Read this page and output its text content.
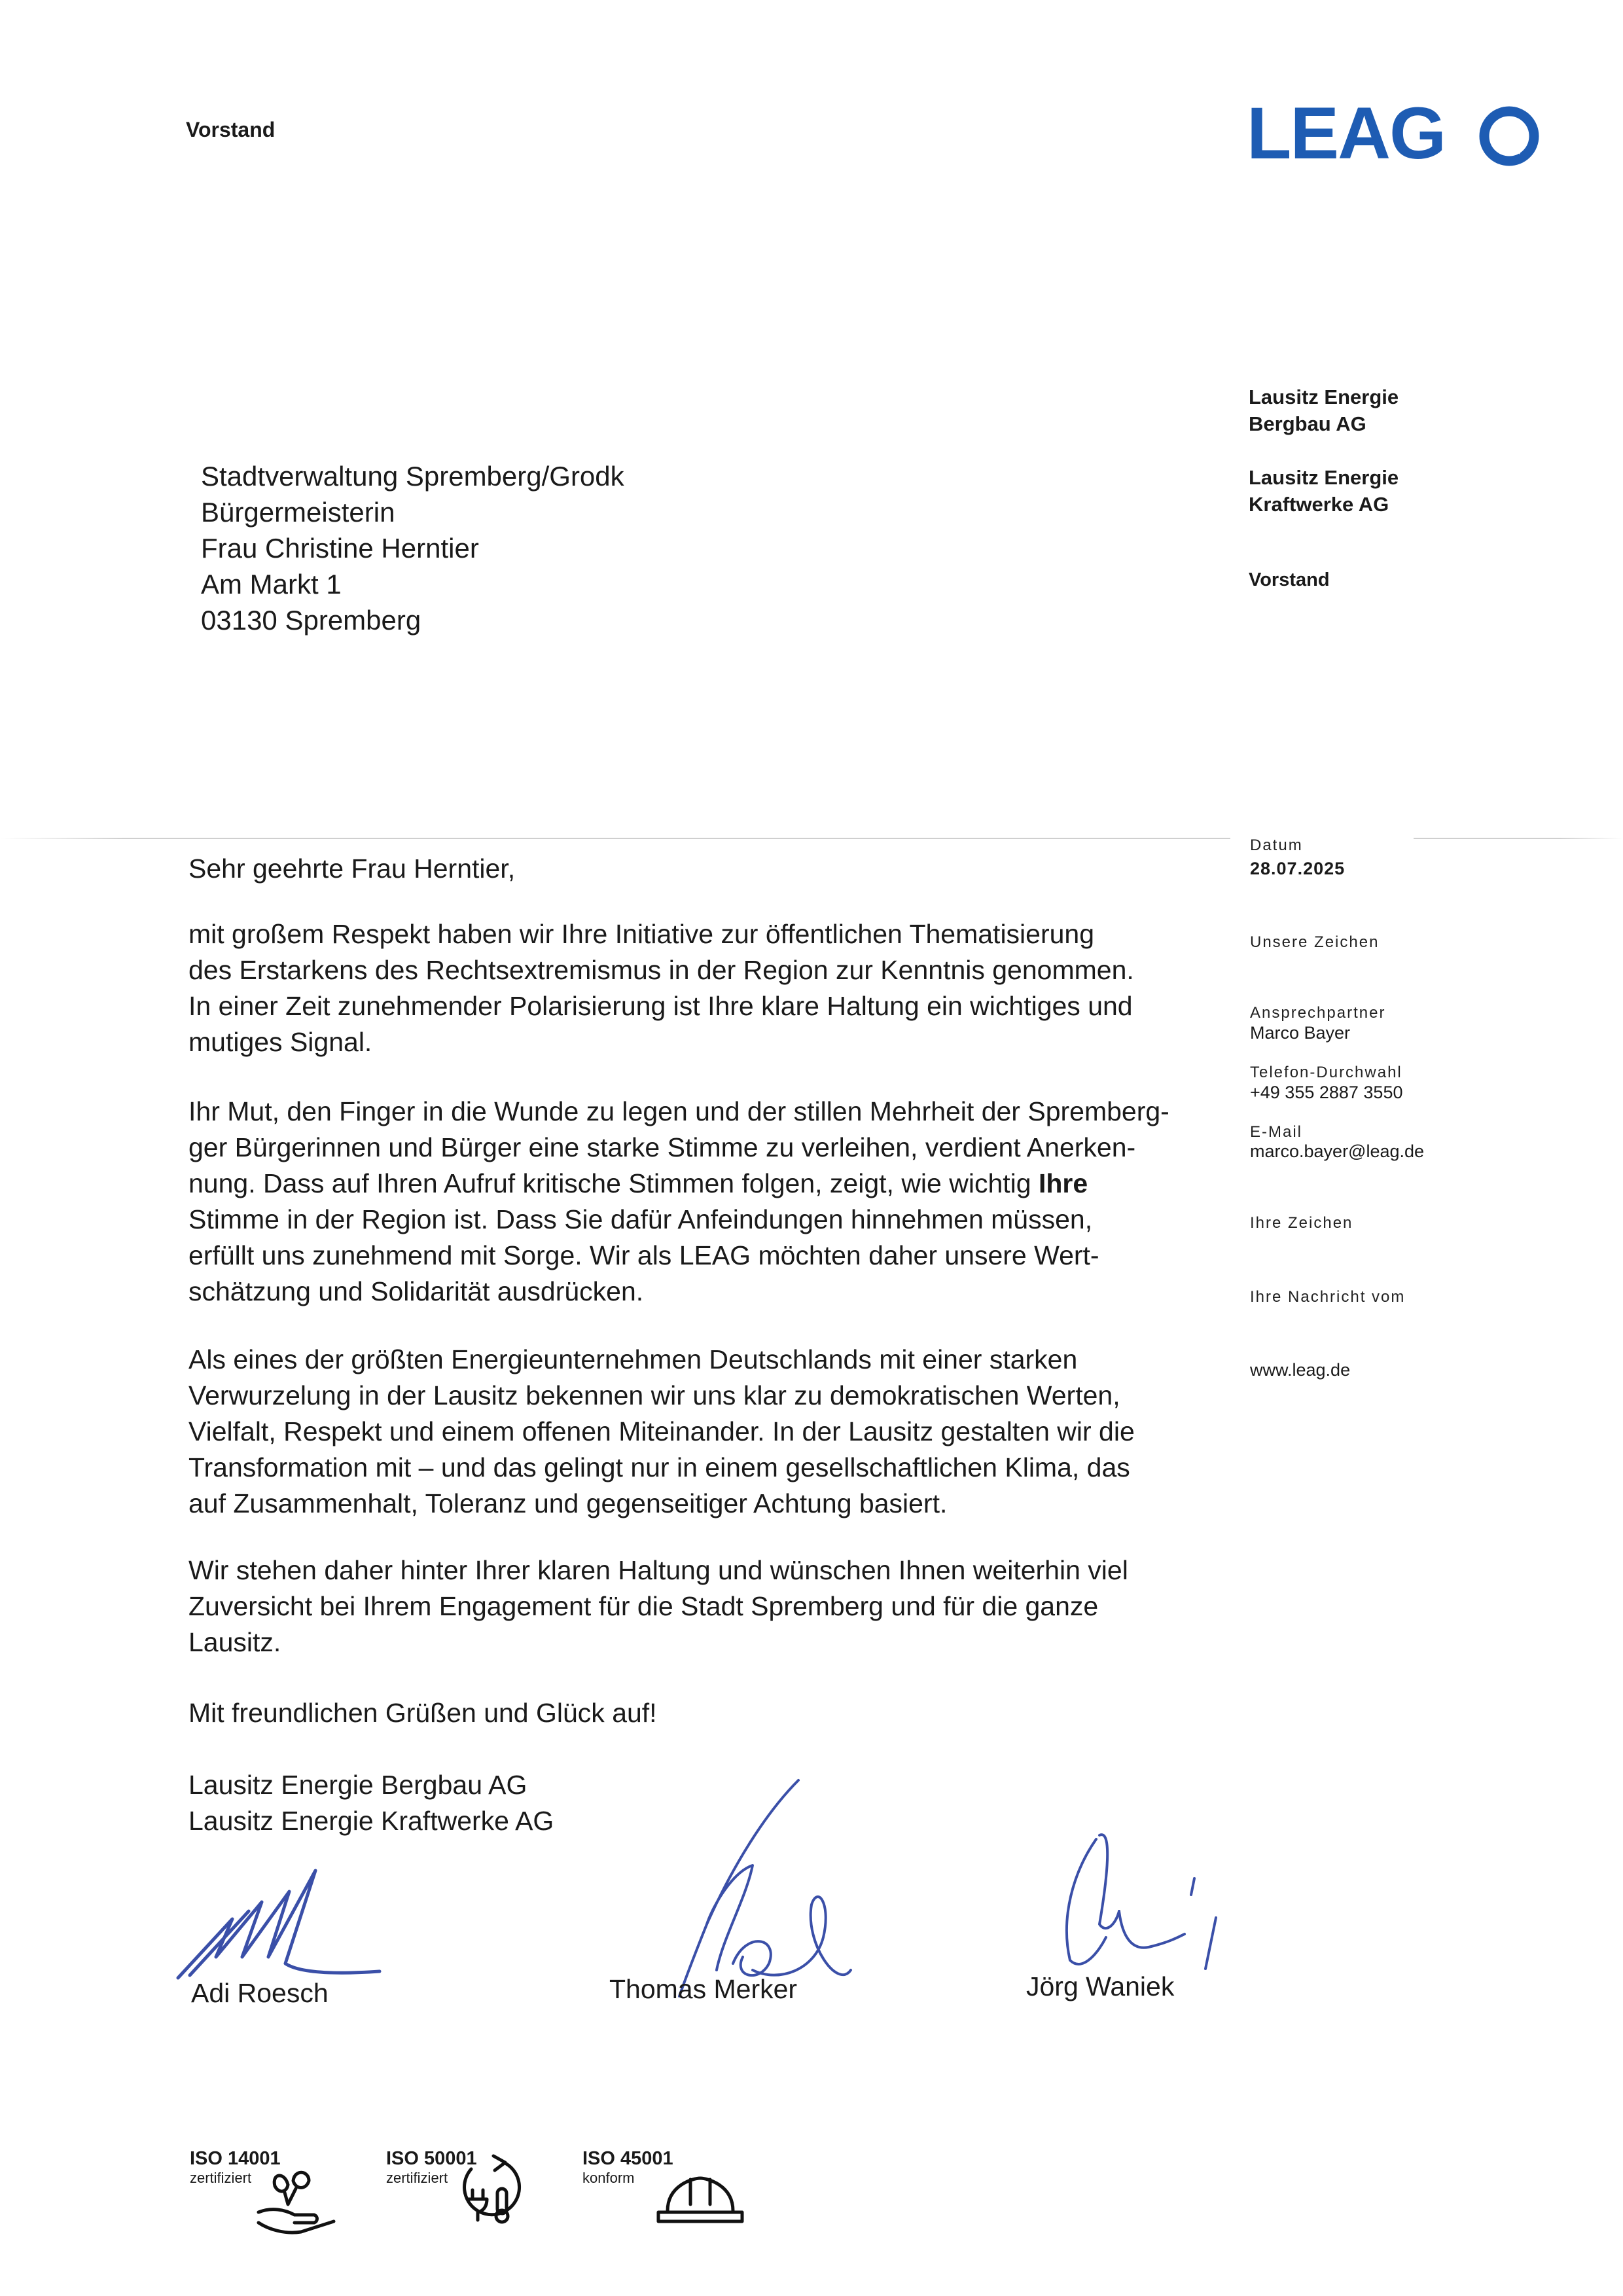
Vorstand	LEAG
Stadtverwaltung Spremberg/Grodk
Bürgermeisterin
Frau Christine Herntier
Am Markt 1
03130 Spremberg
Lausitz Energie
Bergbau AG
Lausitz Energie
Kraftwerke AG
Vorstand
Datum
28.07.2025
Unsere Zeichen
Ansprechpartner
Marco Bayer
Telefon-Durchwahl
+49 355 2887 3550
E-Mail
marco.bayer@leag.de
Ihre Zeichen
Ihre Nachricht vom
www.leag.de
Sehr geehrte Frau Herntier,
mit großem Respekt haben wir Ihre Initiative zur öffentlichen Thematisierung
des Erstarkens des Rechtsextremismus in der Region zur Kenntnis genommen.
In einer Zeit zunehmender Polarisierung ist Ihre klare Haltung ein wichtiges und
mutiges Signal.
Ihr Mut, den Finger in die Wunde zu legen und der stillen Mehrheit der Spremberg-
ger Bürgerinnen und Bürger eine starke Stimme zu verleihen, verdient Anerken-
nung. Dass auf Ihren Aufruf kritische Stimmen folgen, zeigt, wie wichtig Ihre
Stimme in der Region ist. Dass Sie dafür Anfeindungen hinnehmen müssen,
erfüllt uns zunehmend mit Sorge. Wir als LEAG möchten daher unsere Wert-
schätzung und Solidarität ausdrücken.
Als eines der größten Energieunternehmen Deutschlands mit einer starken
Verwurzelung in der Lausitz bekennen wir uns klar zu demokratischen Werten,
Vielfalt, Respekt und einem offenen Miteinander. In der Lausitz gestalten wir die
Transformation mit – und das gelingt nur in einem gesellschaftlichen Klima, das
auf Zusammenhalt, Toleranz und gegenseitiger Achtung basiert.
Wir stehen daher hinter Ihrer klaren Haltung und wünschen Ihnen weiterhin viel
Zuversicht bei Ihrem Engagement für die Stadt Spremberg und für die ganze
Lausitz.
Mit freundlichen Grüßen und Glück auf!
Lausitz Energie Bergbau AG
Lausitz Energie Kraftwerke AG
Adi Roesch	Thomas Merker	Jörg Waniek
ISO 14001
zertifiziert
ISO 50001
zertifiziert
ISO 45001
konform
